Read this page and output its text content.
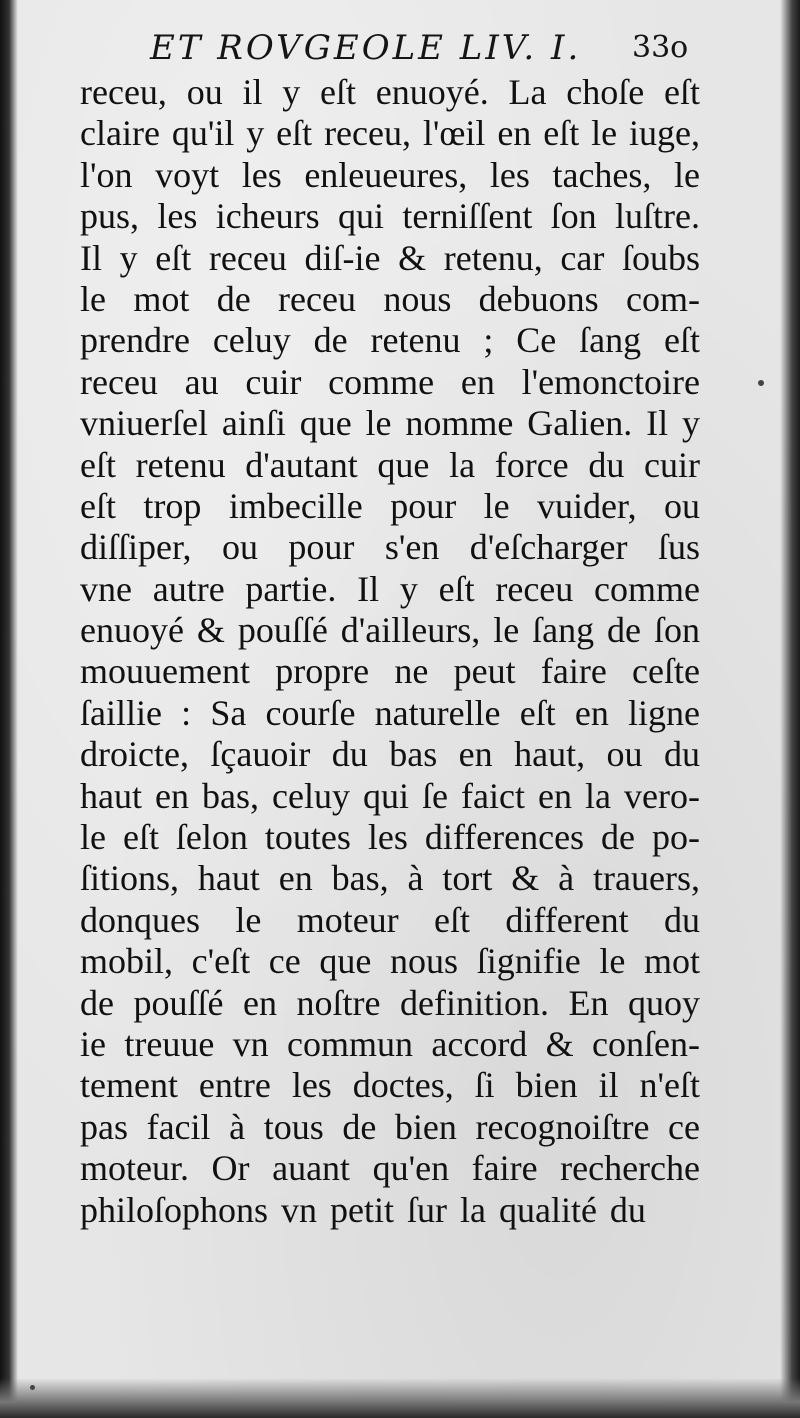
ET ROVGEOLE LIV. I.	33o
receu, ou il y eſt enuoyé. La choſe eſt
claire qu'il y eſt receu, l'œil en eſt le iuge,
l'on voyt les enleueures, les taches, le
pus, les icheurs qui terniſſent ſon luſtre.
Il y eſt receu diſ-ie & retenu, car ſoubs
le mot de receu nous debuons com-
prendre celuy de retenu ; Ce ſang eſt
receu au cuir comme en l'emonctoire
vniuerſel ainſi que le nomme Galien. Il y
eſt retenu d'autant que la force du cuir
eſt trop imbecille pour le vuider, ou
diſſiper, ou pour s'en d'eſcharger ſus
vne autre partie. Il y eſt receu comme
enuoyé & pouſſé d'ailleurs, le ſang de ſon
mouuement propre ne peut faire ceſte
ſaillie : Sa courſe naturelle eſt en ligne
droicte, ſçauoir du bas en haut, ou du
haut en bas, celuy qui ſe faict en la vero-
le eſt ſelon toutes les differences de po-
ſitions, haut en bas, à tort & à trauers,
donques le moteur eſt different du
mobil, c'eſt ce que nous ſignifie le mot
de pouſſé en noſtre definition. En quoy
ie treuue vn commun accord & conſen-
tement entre les doctes, ſi bien il n'eſt
pas facil à tous de bien recognoiſtre ce
moteur. Or auant qu'en faire recherche
philoſophons vn petit ſur la qualité du
